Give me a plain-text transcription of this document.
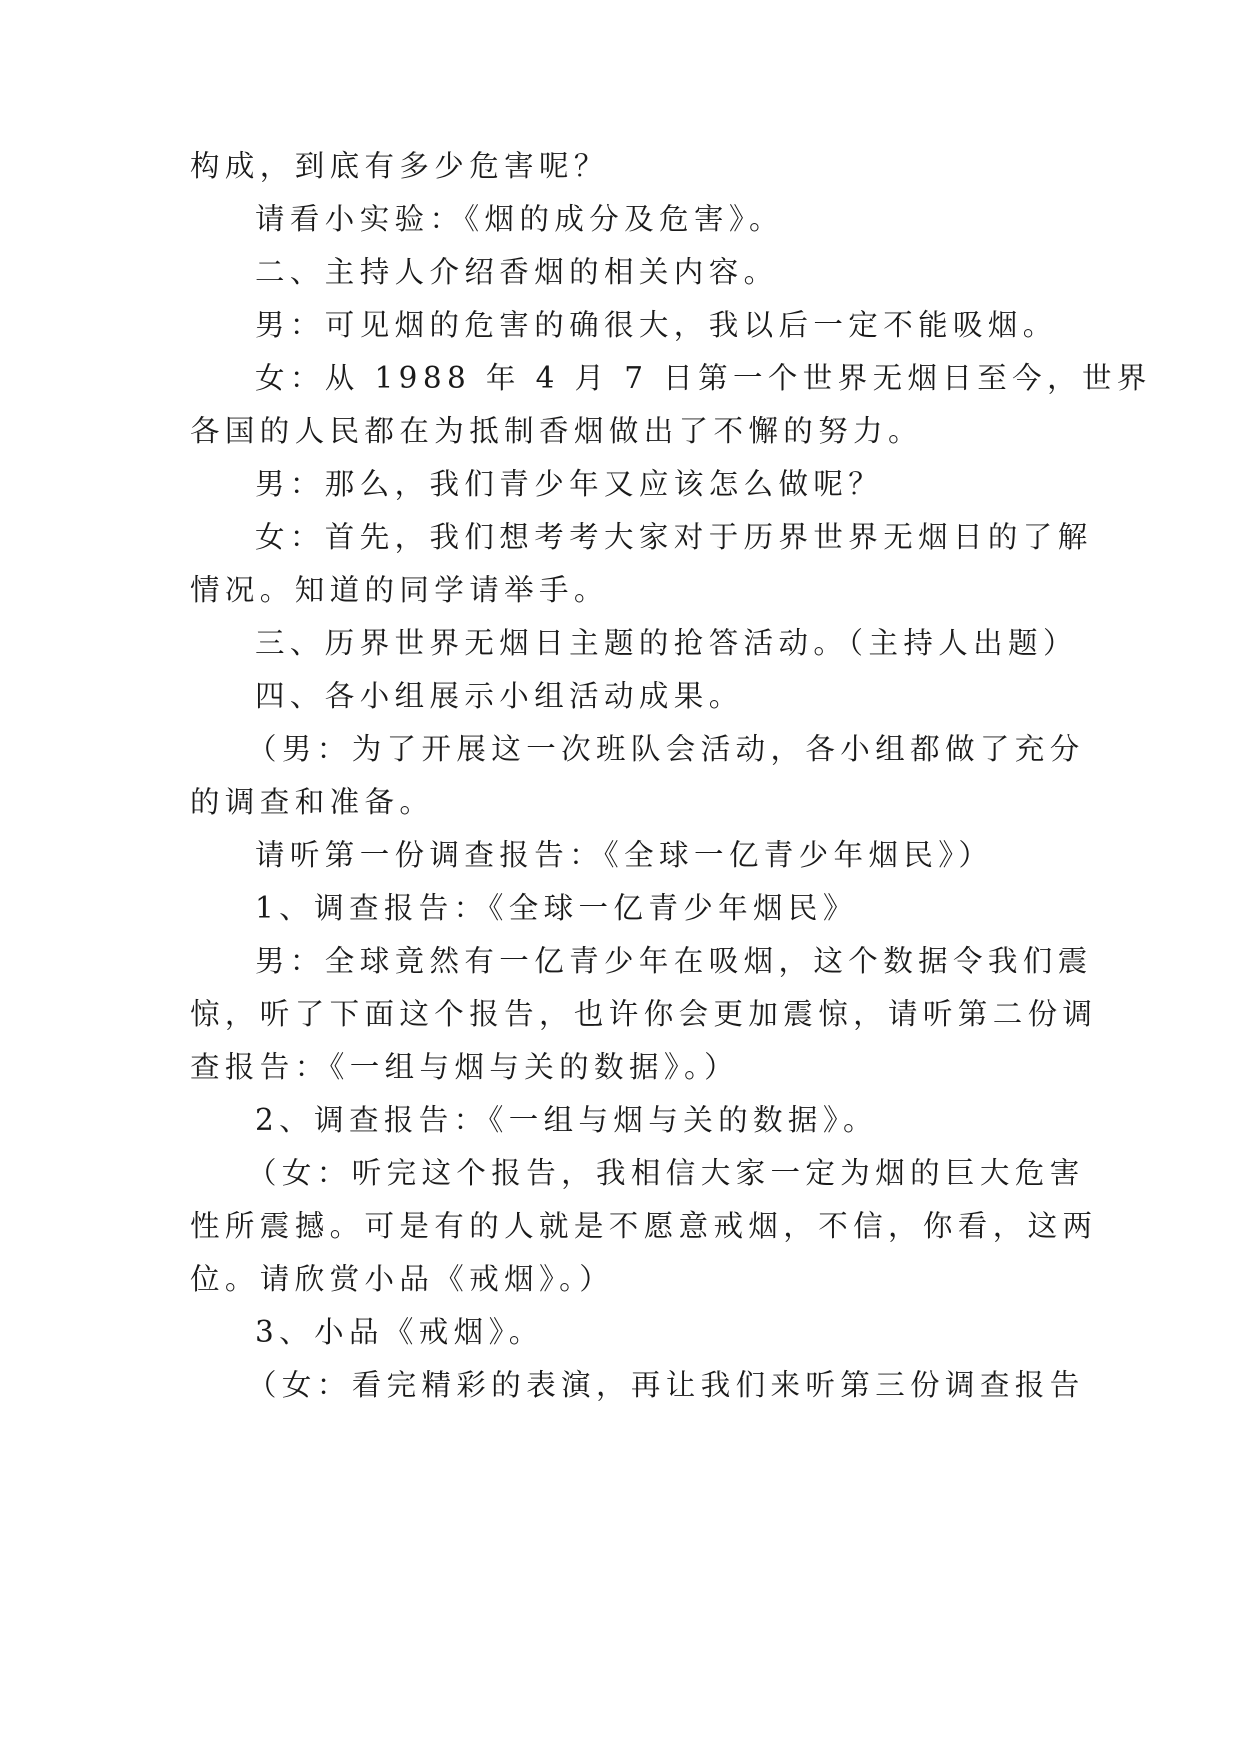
构成，到底有多少危害呢？
请看小实验：《烟的成分及危害》。
二、主持人介绍香烟的相关内容。
男：可见烟的危害的确很大，我以后一定不能吸烟。
女：从 1988 年 4 月 7 日第一个世界无烟日至今，世界
各国的人民都在为抵制香烟做出了不懈的努力。
男：那么，我们青少年又应该怎么做呢？
女：首先，我们想考考大家对于历界世界无烟日的了解
情况。知道的同学请举手。
三、历界世界无烟日主题的抢答活动。（主持人出题）
四、各小组展示小组活动成果。
（男：为了开展这一次班队会活动，各小组都做了充分
的调查和准备。
请听第一份调查报告：《全球一亿青少年烟民》）
1、调查报告：《全球一亿青少年烟民》
男：全球竟然有一亿青少年在吸烟，这个数据令我们震
惊，听了下面这个报告，也许你会更加震惊，请听第二份调
查报告：《一组与烟与关的数据》。）
2、调查报告：《一组与烟与关的数据》。
（女：听完这个报告，我相信大家一定为烟的巨大危害
性所震撼。可是有的人就是不愿意戒烟，不信，你看，这两
位。请欣赏小品《戒烟》。）
3、小品《戒烟》。
（女：看完精彩的表演，再让我们来听第三份调查报告
